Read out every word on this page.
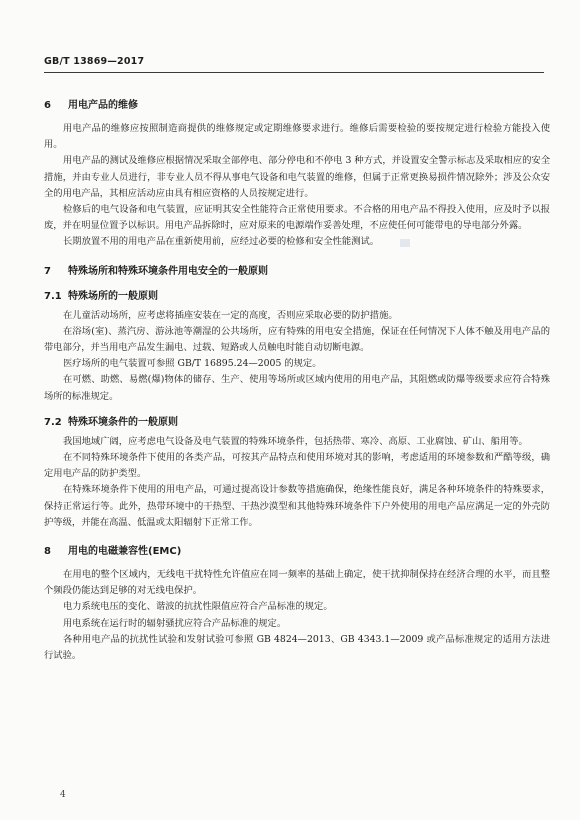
GB/T 13869—2017
6 用电产品的维修

用电产品的维修应按照制造商提供的维修规定或定期维修要求进行。维修后需要检验的要按规定进行检验方能投入使用。

用电产品的测试及维修应根据情况采取全部停电、部分停电和不停电 3 种方式，并设置安全警示标志及采取相应的安全措施，并由专业人员进行，非专业人员不得从事电气设备和电气装置的维修，但属于正常更换易损件情况除外；涉及公众安全的用电产品，其相应活动应由具有相应资格的人员按规定进行。

检修后的电气设备和电气装置，应证明其安全性能符合正常使用要求。不合格的用电产品不得投入使用，应及时予以报废，并在明显位置予以标识。用电产品拆除时，应对原来的电源端作妥善处理，不应使任何可能带电的导电部分外露。

长期放置不用的用电产品在重新使用前，应经过必要的检修和安全性能测试。

7 特殊场所和特殊环境条件用电安全的一般原则
7.1 特殊场所的一般原则

在儿童活动场所，应考虑将插座安装在一定的高度，否则应采取必要的防护措施。

在浴场(室)、蒸汽房、游泳池等潮湿的公共场所，应有特殊的用电安全措施，保证在任何情况下人体不触及用电产品的带电部分，并当用电产品发生漏电、过载、短路或人员触电时能自动切断电源。

医疗场所的电气装置可参照 GB/T 16895.24—2005 的规定。

在可燃、助燃、易燃(爆)物体的储存、生产、使用等场所或区域内使用的用电产品，其阻燃或防爆等级要求应符合特殊场所的标准规定。

7.2 特殊环境条件的一般原则

我国地域广阔，应考虑电气设备及电气装置的特殊环境条件，包括热带、寒冷、高原、工业腐蚀、矿山、船用等。

在不同特殊环境条件下使用的各类产品，可按其产品特点和使用环境对其的影响，考虑适用的环境参数和严酷等级，确定用电产品的防护类型。

在特殊环境条件下使用的用电产品，可通过提高设计参数等措施确保，绝缘性能良好，满足各种环境条件的特殊要求，保持正常运行等。此外，热带环境中的干热型、干热沙漠型和其他特殊环境条件下户外使用的用电产品应满足一定的外壳防护等级，并能在高温、低温或太阳辐射下正常工作。

8 用电的电磁兼容性(EMC)

在用电的整个区域内，无线电干扰特性允许值应在同一频率的基础上确定，使干扰抑制保持在经济合理的水平，而且整个频段仍能达到足够的对无线电保护。

电力系统电压的变化、谐波的抗扰性限值应符合产品标准的规定。

用电系统在运行时的辐射骚扰应符合产品标准的规定。

各种用电产品的抗扰性试验和发射试验可参照 GB 4824—2013、GB 4343.1—2009 或产品标准规定的适用方法进行试验。

4
